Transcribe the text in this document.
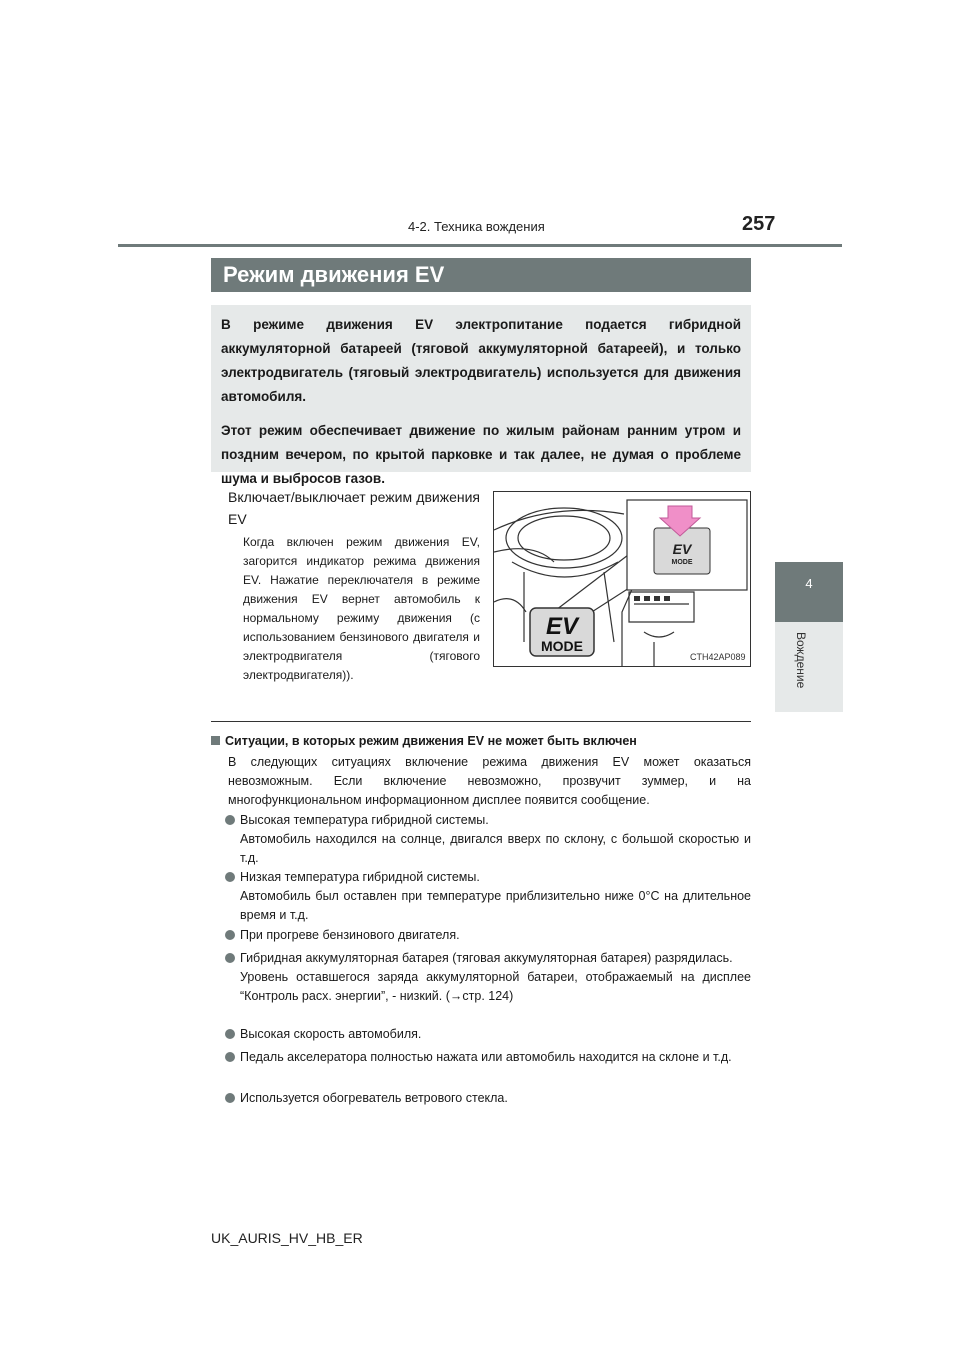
4-2. Техника вождения	257
4
Вождение
Режим движения EV

В режиме движения EV электропитание подается гибридной аккумуляторной батареей (тяговой аккумуляторной батареей), и только электродвигатель (тяговый электродвигатель) используется для движения автомобиля.

Этот режим обеспечивает движение по жилым районам ранним утром и поздним вечером, по крытой парковке и так далее, не думая о проблеме шума и выбросов газов.

Включает/выключает режим движения EV
Когда включен режим движения EV, загорится индикатор режима движения EV. Нажатие переключателя в режиме движения EV вернет автомобиль к нормальному режиму движения (с использованием бензинового двигателя и электродвигателя (тягового электродвигателя)).
EV
MODE
EV
MODE
CTH42AP089
Ситуации, в которых режим движения EV не может быть включен
В следующих ситуациях включение режима движения EV может оказаться невозможным. Если включение невозможно, прозвучит зуммер, и на многофункциональном информационном дисплее появится сообщение.
Высокая температура гибридной системы.
Автомобиль находился на солнце, двигался вверх по склону, с большой скоростью и т.д.
Низкая температура гибридной системы.
Автомобиль был оставлен при температуре приблизительно ниже 0°C на длительное время и т.д.
При прогреве бензинового двигателя.
Гибридная аккумуляторная батарея (тяговая аккумуляторная батарея) разрядилась.
Уровень оставшегося заряда аккумуляторной батареи, отображаемый на дисплее “Контроль расх. энергии”, - низкий. (→стр. 124)
Высокая скорость автомобиля.
Педаль акселератора полностью нажата или автомобиль находится на склоне и т.д.
Используется обогреватель ветрового стекла.
UK_AURIS_HV_HB_ER
